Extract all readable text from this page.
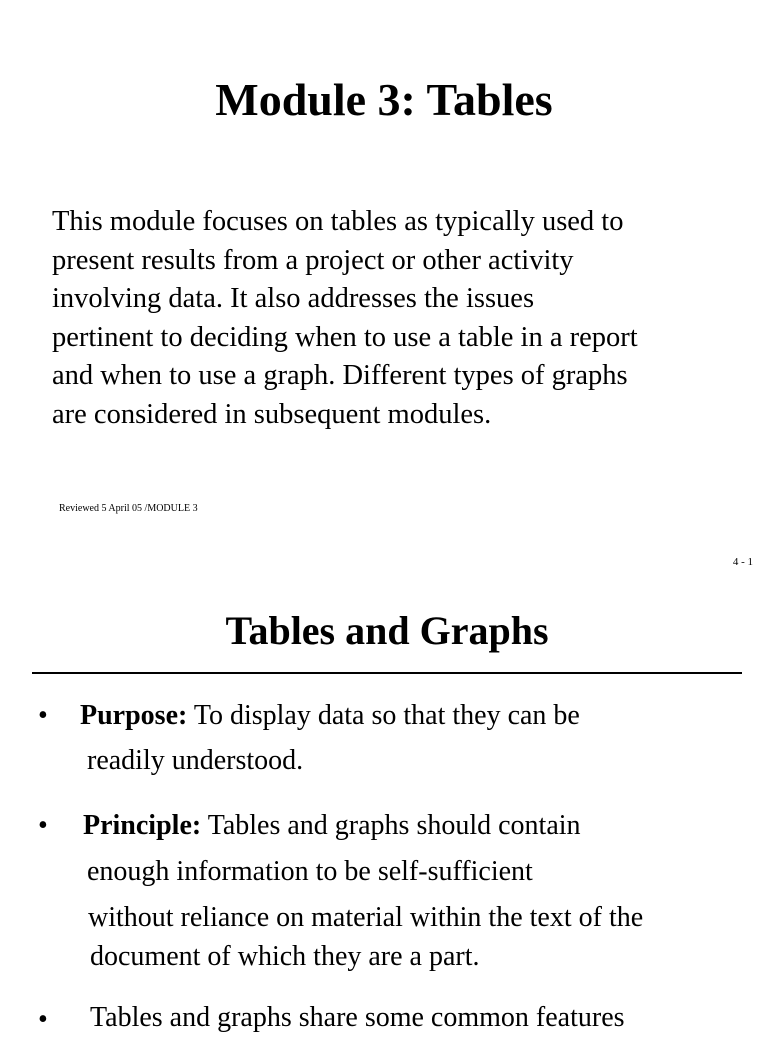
Module 3: Tables
This module focuses on tables as typically used to
present results from a project or other activity
involving data. It also addresses the issues
pertinent to deciding when to use a table in a report
and when to use a graph. Different types of graphs
are considered in subsequent modules.
Reviewed 5 April 05 /MODULE 3
4 - 1
Tables and Graphs
• Purpose: To display data so that they can be
readily understood.
• Principle: Tables and graphs should contain
enough information to be self-sufficient
without reliance on material within the text of the
document of which they are a part.
• Tables and graphs share some common features
